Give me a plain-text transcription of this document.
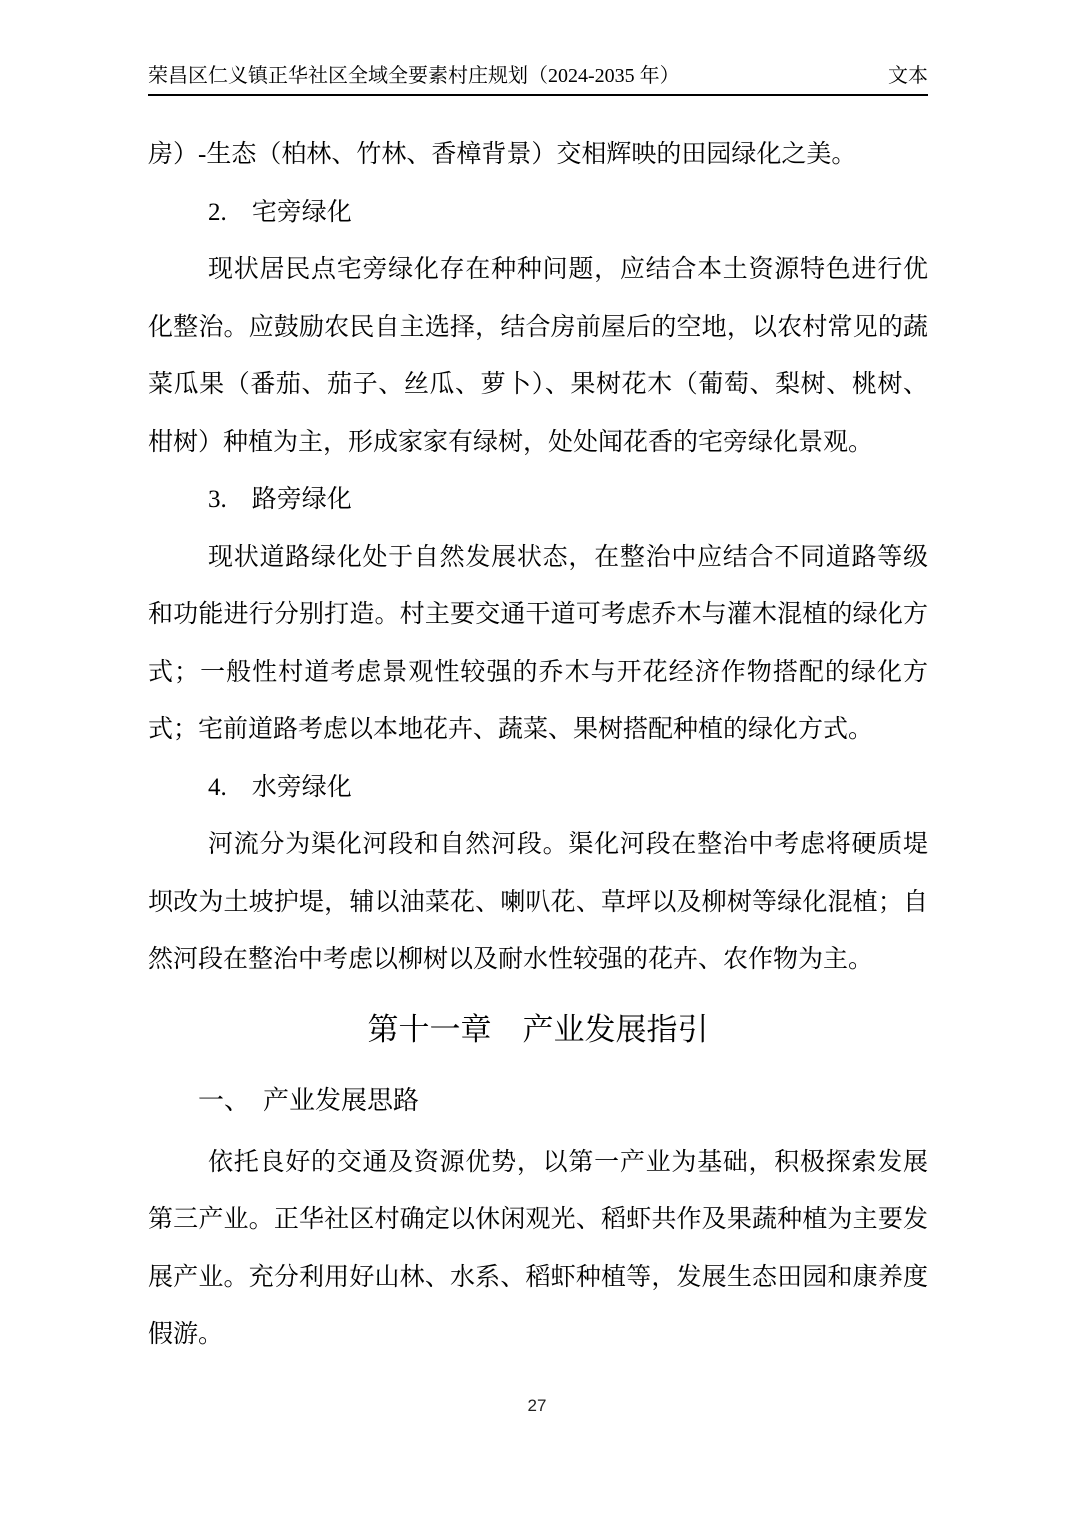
荣昌区仁义镇正华社区全域全要素村庄规划（2024-2035 年）	文本

房）-生态（柏林、竹林、香樟背景）交相辉映的田园绿化之美。

2.　宅旁绿化

现状居民点宅旁绿化存在种种问题，应结合本土资源特色进行优化整治。应鼓励农民自主选择，结合房前屋后的空地，以农村常见的蔬菜瓜果（番茄、茄子、丝瓜、萝卜）、果树花木（葡萄、梨树、桃树、柑树）种植为主，形成家家有绿树，处处闻花香的宅旁绿化景观。

3.　路旁绿化

现状道路绿化处于自然发展状态，在整治中应结合不同道路等级和功能进行分别打造。村主要交通干道可考虑乔木与灌木混植的绿化方式；一般性村道考虑景观性较强的乔木与开花经济作物搭配的绿化方式；宅前道路考虑以本地花卉、蔬菜、果树搭配种植的绿化方式。

4.　水旁绿化

河流分为渠化河段和自然河段。渠化河段在整治中考虑将硬质堤坝改为土坡护堤，辅以油菜花、喇叭花、草坪以及柳树等绿化混植；自然河段在整治中考虑以柳树以及耐水性较强的花卉、农作物为主。

第十一章　产业发展指引
一、　产业发展思路

依托良好的交通及资源优势，以第一产业为基础，积极探索发展第三产业。正华社区村确定以休闲观光、稻虾共作及果蔬种植为主要发展产业。充分利用好山林、水系、稻虾种植等，发展生态田园和康养度假游。

27
